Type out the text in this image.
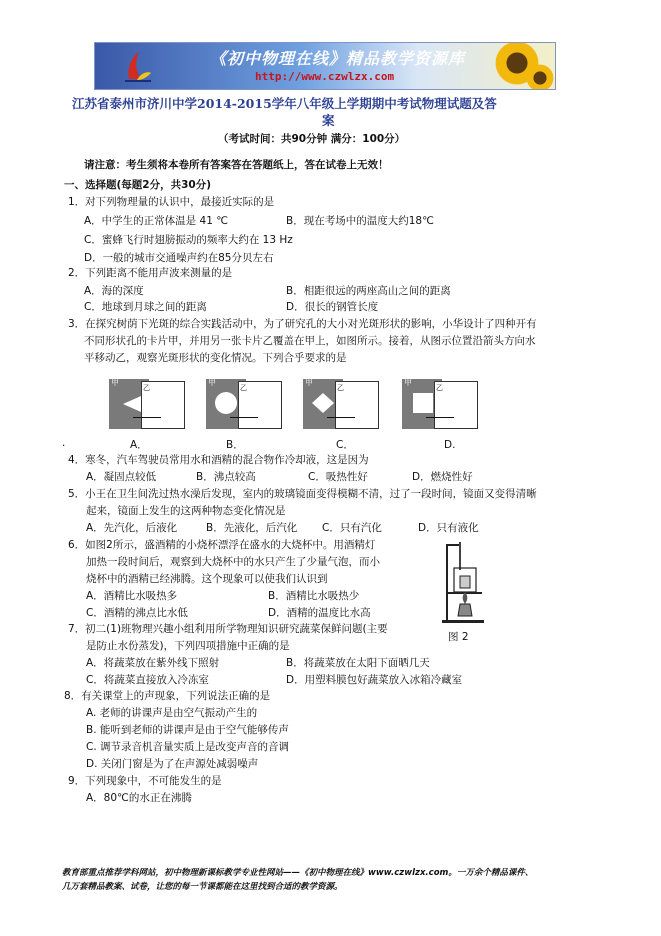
《初中物理在线》精品教学资源库
http://www.czwlzx.com
江苏省泰州市济川中学2014-2015学年八年级上学期期中考试物理试题及答
案
（考试时间：共90分钟 满分：100分）
请注意：考生须将本卷所有答案答在答题纸上，答在试卷上无效！
一、选择题(每题2分，共30分)
1．对下列物理量的认识中，最接近实际的是
A．中学生的正常体温是 41 ℃	B．现在考场中的温度大约18℃
C．蜜蜂飞行时翅膀振动的频率大约在 13 Hz
D．一般的城市交通噪声约在85分贝左右
2．下列距离不能用声波来测量的是
A．海的深度	B．相距很远的两座高山之间的距离
C．地球到月球之间的距离	D．很长的钢管长度
3．在探究树荫下光斑的综合实践活动中，为了研究孔的大小对光斑形状的影响，小华设计了四种开有
不同形状孔的卡片甲，并用另一张卡片乙覆盖在甲上，如图所示。接着，从图示位置沿箭头方向水
平移动乙，观察光斑形状的变化情况。下列合乎要求的是
甲
乙
甲
乙
甲
乙
甲
乙
.	A．	B．	C．	D.
4．寒冬，汽车驾驶员常用水和酒精的混合物作冷却液，这是因为
A．凝固点较低	B．沸点较高	C．吸热性好	D．燃烧性好
5．小王在卫生间洗过热水澡后发现，室内的玻璃镜面变得模糊不清，过了一段时间，镜面又变得清晰
起来，镜面上发生的这两种物态变化情况是
A．先汽化，后液化	B．先液化，后汽化 C．只有汽化	D．只有液化
6．如图2所示，盛酒精的小烧杯漂浮在盛水的大烧杯中。用酒精灯
加热一段时间后，观察到大烧杯中的水只产生了少量气泡，而小
烧杯中的酒精已经沸腾。这个现象可以使我们认识到
A．酒精比水吸热多	B．酒精比水吸热少
C．酒精的沸点比水低	D．酒精的温度比水高
图 2
7．初二(1)班物理兴趣小组利用所学物理知识研究蔬菜保鲜问题(主要
是防止水份蒸发)，下列四项措施中正确的是
A．将蔬菜放在紫外线下照射	B．将蔬菜放在太阳下面晒几天
C．将蔬菜直接放入冷冻室	D．用塑料膜包好蔬菜放入冰箱冷藏室
8．有关课堂上的声现象，下列说法正确的是
A. 老师的讲课声是由空气振动产生的
B. 能听到老师的讲课声是由于空气能够传声
C. 调节录音机音量实质上是改变声音的音调
D. 关闭门窗是为了在声源处减弱噪声
9．下列现象中，不可能发生的是
A．80℃的水正在沸腾
教育部重点推荐学科网站，初中物理新课标教学专业性网站——《初中物理在线》www.czwlzx.com。一万余个精品课件、
几万套精品教案、试卷，让您的每一节课都能在这里找到合适的教学资源。
